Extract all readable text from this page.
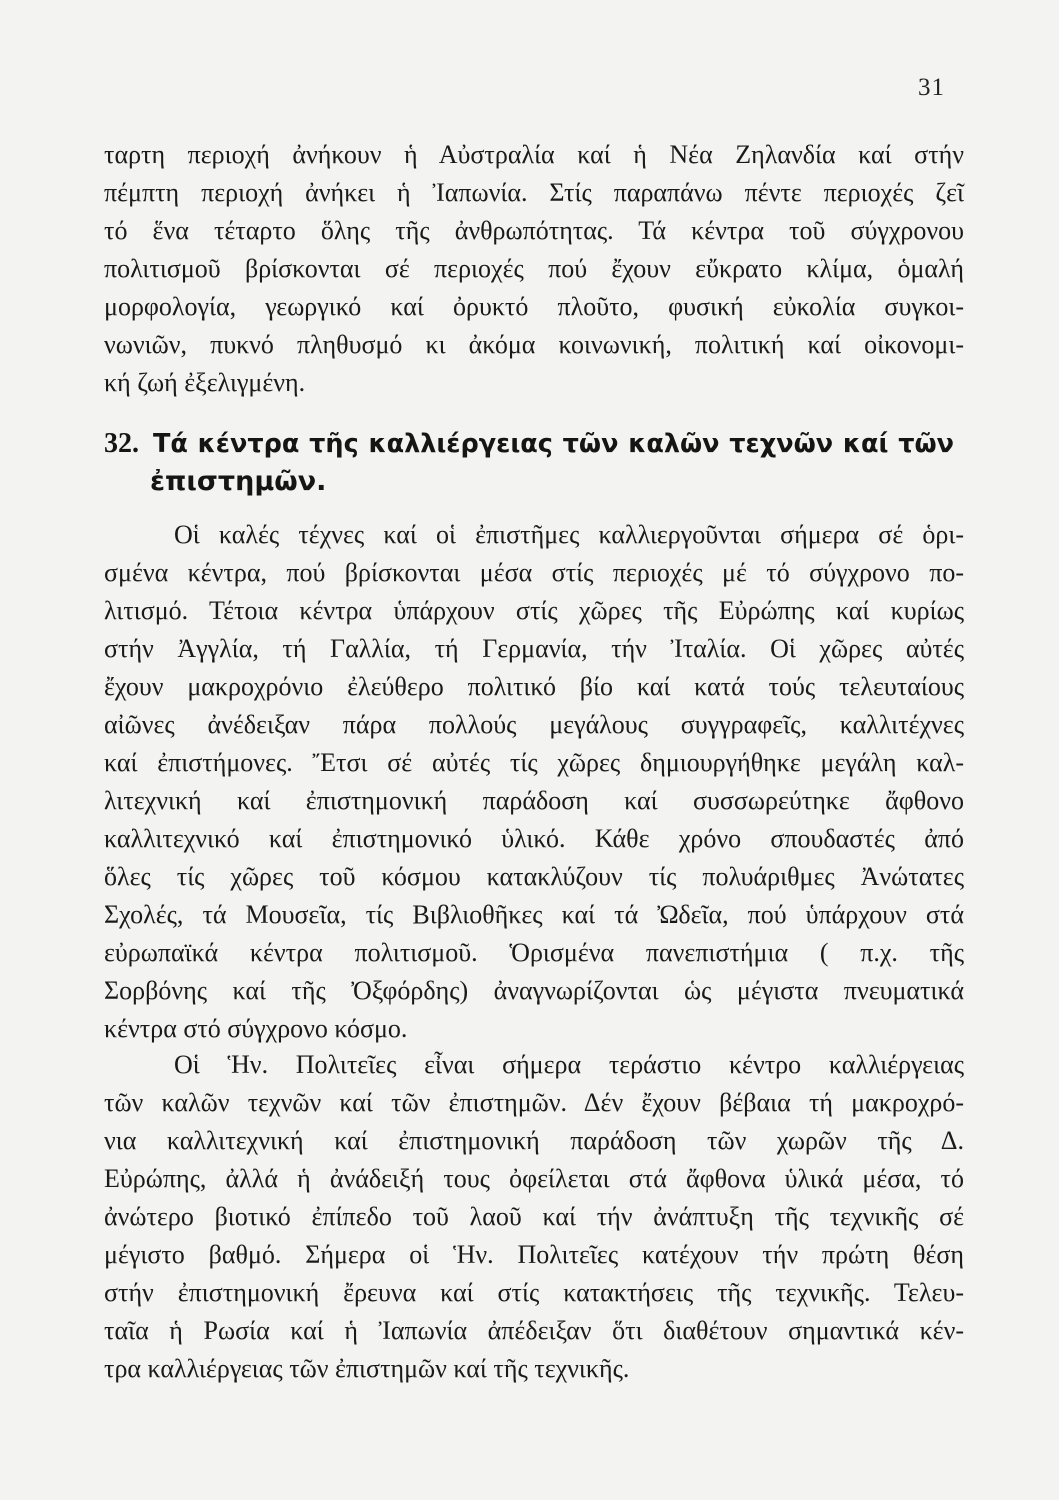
31
ταρτη περιοχή ἀνήκουν ἡ Αὐστραλία καί ἡ Νέα Ζηλανδία καί στήν
πέμπτη περιοχή ἀνήκει ἡ Ἰαπωνία. Στίς παραπάνω πέντε περιοχές ζεῖ
τό ἕνα τέταρτο ὅλης τῆς ἀνθρωπότητας. Τά κέντρα τοῦ σύγχρονου
πολιτισμοῦ βρίσκονται σέ περιοχές πού ἔχουν εὔκρατο κλίμα, ὁμαλή
μορφολογία, γεωργικό καί ὀρυκτό πλοῦτο, φυσική εὐκολία συγκοι-
νωνιῶν, πυκνό πληθυσμό κι ἀκόμα κοινωνική, πολιτική καί οἰκονομι-
κή ζωή ἐξελιγμένη.
32. Τά κέντρα τῆς καλλιέργειας τῶν καλῶν τεχνῶν καί τῶν
ἐπιστημῶν.
Οἱ καλές τέχνες καί οἱ ἐπιστῆμες καλλιεργοῦνται σήμερα σέ ὁρι-
σμένα κέντρα, πού βρίσκονται μέσα στίς περιοχές μέ τό σύγχρονο πο-
λιτισμό. Τέτοια κέντρα ὑπάρχουν στίς χῶρες τῆς Εὐρώπης καί κυρίως
στήν Ἀγγλία, τή Γαλλία, τή Γερμανία, τήν Ἰταλία. Οἱ χῶρες αὐτές
ἔχουν μακροχρόνιο ἐλεύθερο πολιτικό βίο καί κατά τούς τελευταίους
αἰῶνες ἀνέδειξαν πάρα πολλούς μεγάλους συγγραφεῖς, καλλιτέχνες
καί ἐπιστήμονες. Ἔτσι σέ αὐτές τίς χῶρες δημιουργήθηκε μεγάλη καλ-
λιτεχνική καί ἐπιστημονική παράδοση καί συσσωρεύτηκε ἄφθονο
καλλιτεχνικό καί ἐπιστημονικό ὑλικό. Κάθε χρόνο σπουδαστές ἀπό
ὅλες τίς χῶρες τοῦ κόσμου κατακλύζουν τίς πολυάριθμες Ἀνώτατες
Σχολές, τά Μουσεῖα, τίς Βιβλιοθῆκες καί τά Ὠδεῖα, πού ὑπάρχουν στά
εὐρωπαϊκά κέντρα πολιτισμοῦ. Ὁρισμένα πανεπιστήμια ( π.χ. τῆς
Σορβόνης καί τῆς Ὀξφόρδης) ἀναγνωρίζονται ὡς μέγιστα πνευματικά
κέντρα στό σύγχρονο κόσμο.
Οἱ Ἡν. Πολιτεῖες εἶναι σήμερα τεράστιο κέντρο καλλιέργειας
τῶν καλῶν τεχνῶν καί τῶν ἐπιστημῶν. Δέν ἔχουν βέβαια τή μακροχρό-
νια καλλιτεχνική καί ἐπιστημονική παράδοση τῶν χωρῶν τῆς Δ.
Εὐρώπης, ἀλλά ἡ ἀνάδειξή τους ὀφείλεται στά ἄφθονα ὑλικά μέσα, τό
ἀνώτερο βιοτικό ἐπίπεδο τοῦ λαοῦ καί τήν ἀνάπτυξη τῆς τεχνικῆς σέ
μέγιστο βαθμό. Σήμερα οἱ Ἡν. Πολιτεῖες κατέχουν τήν πρώτη θέση
στήν ἐπιστημονική ἔρευνα καί στίς κατακτήσεις τῆς τεχνικῆς. Τελευ-
ταῖα ἡ Ρωσία καί ἡ Ἰαπωνία ἀπέδειξαν ὅτι διαθέτουν σημαντικά κέν-
τρα καλλιέργειας τῶν ἐπιστημῶν καί τῆς τεχνικῆς.
